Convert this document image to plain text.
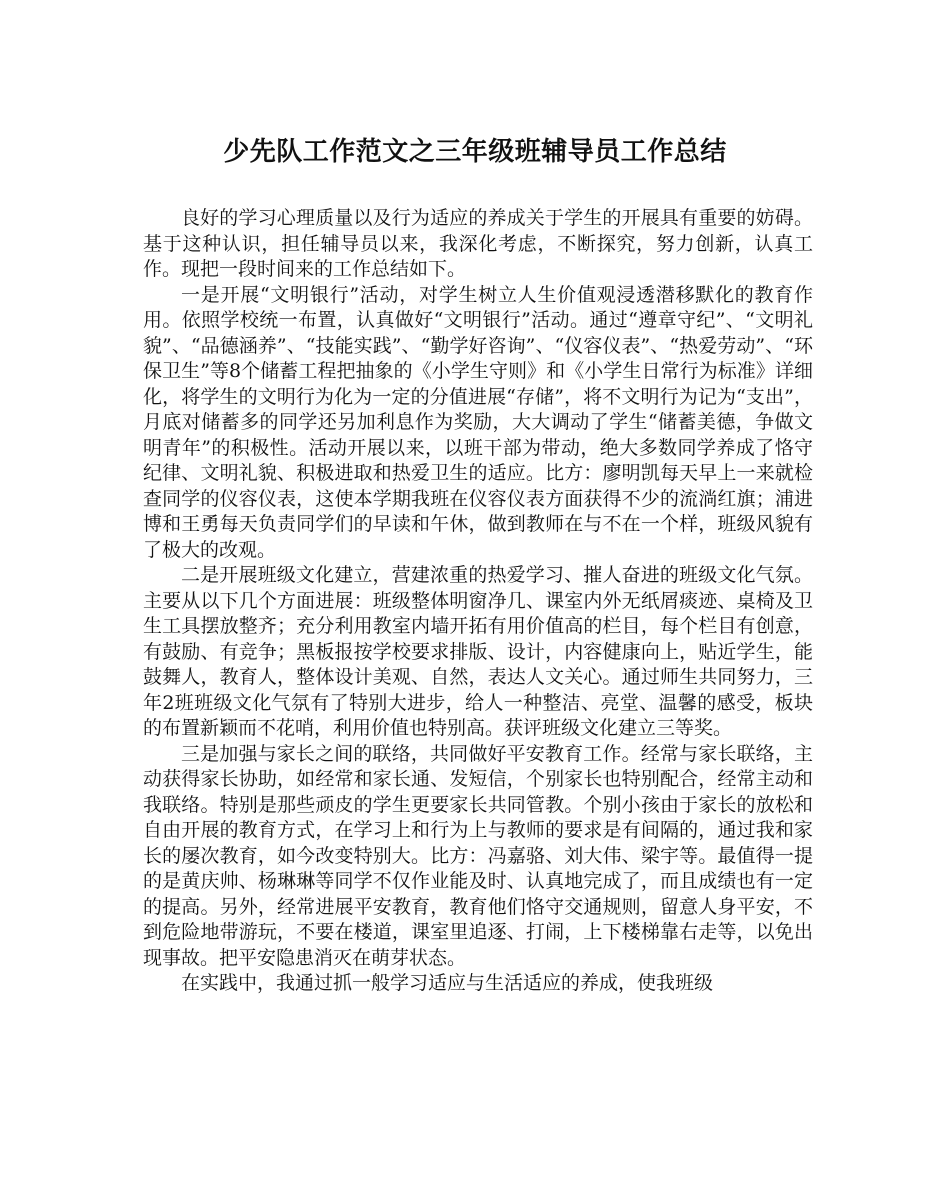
少先队工作范文之三年级班辅导员工作总结

良好的学习心理质量以及行为适应的养成关于学生的开展具有重要的妨碍。基于这种认识，担任辅导员以来，我深化考虑，不断探究，努力创新，认真工作。现把一段时间来的工作总结如下。

一是开展“文明银行”活动，对学生树立人生价值观浸透潜移默化的教育作用。依照学校统一布置，认真做好“文明银行”活动。通过“遵章守纪”、“文明礼貌”、“品德涵养”、“技能实践”、“勤学好咨询”、“仪容仪表”、“热爱劳动”、“环保卫生”等8个储蓄工程把抽象的《小学生守则》和《小学生日常行为标准》详细化，将学生的文明行为化为一定的分值进展“存储”，将不文明行为记为“支出”，月底对储蓄多的同学还另加利息作为奖励，大大调动了学生“储蓄美德，争做文明青年”的积极性。活动开展以来，以班干部为带动，绝大多数同学养成了恪守纪律、文明礼貌、积极进取和热爱卫生的适应。比方：廖明凯每天早上一来就检查同学的仪容仪表，这使本学期我班在仪容仪表方面获得不少的流淌红旗；浦进博和王勇每天负责同学们的早读和午休，做到教师在与不在一个样，班级风貌有了极大的改观。

二是开展班级文化建立，营建浓重的热爱学习、摧人奋进的班级文化气氛。主要从以下几个方面进展：班级整体明窗净几、课室内外无纸屑痰迹、桌椅及卫生工具摆放整齐；充分利用教室内墙开拓有用价值高的栏目，每个栏目有创意，有鼓励、有竞争；黑板报按学校要求排版、设计，内容健康向上，贴近学生，能鼓舞人，教育人，整体设计美观、自然，表达人文关心。通过师生共同努力，三年2班班级文化气氛有了特别大进步，给人一种整洁、亮堂、温馨的感受，板块的布置新颖而不花哨，利用价值也特别高。获评班级文化建立三等奖。

三是加强与家长之间的联络，共同做好平安教育工作。经常与家长联络，主动获得家长协助，如经常和家长通、发短信，个别家长也特别配合，经常主动和我联络。特别是那些顽皮的学生更要家长共同管教。个别小孩由于家长的放松和自由开展的教育方式，在学习上和行为上与教师的要求是有间隔的，通过我和家长的屡次教育，如今改变特别大。比方：冯嘉骆、刘大伟、梁宇等。最值得一提的是黄庆帅、杨琳琳等同学不仅作业能及时、认真地完成了，而且成绩也有一定的提高。另外，经常进展平安教育，教育他们恪守交通规则，留意人身平安，不到危险地带游玩，不要在楼道，课室里追逐、打闹，上下楼梯靠右走等，以免出现事故。把平安隐患消灭在萌芽状态。

在实践中，我通过抓一般学习适应与生活适应的养成，使我班级
